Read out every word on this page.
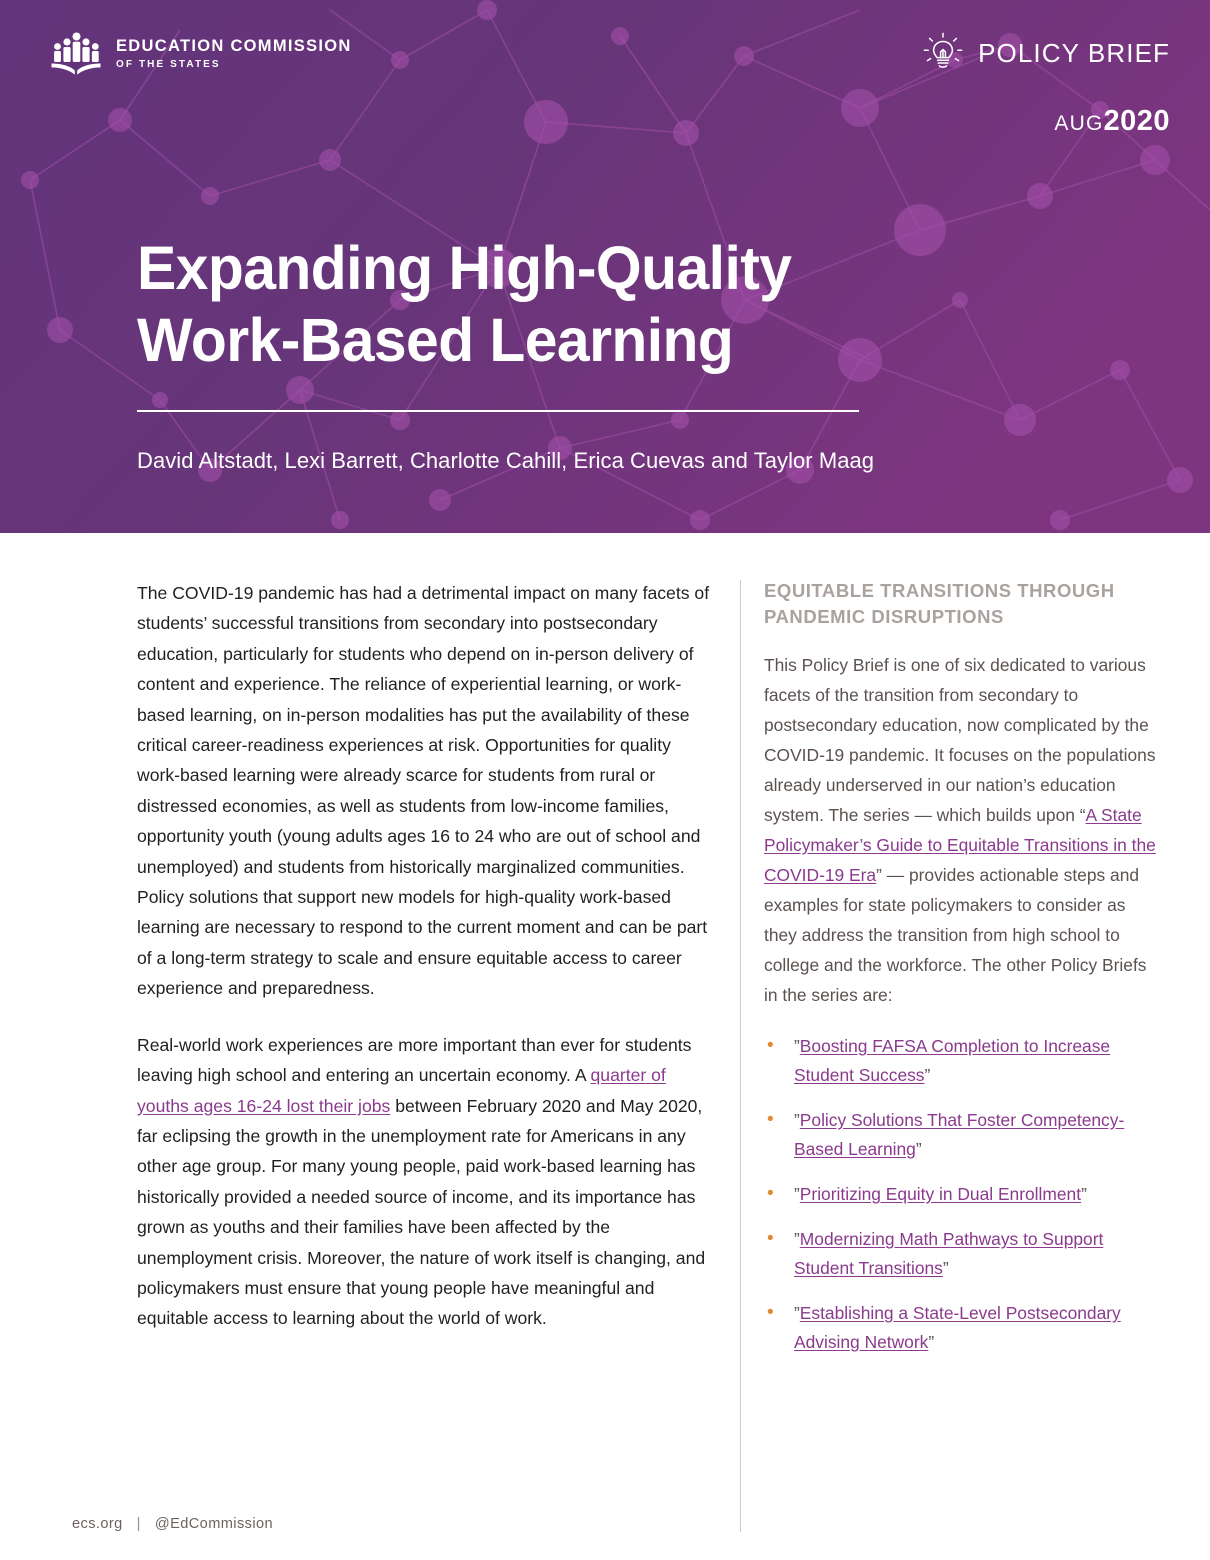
EDUCATION COMMISSION
OF THE STATES	POLICY BRIEF
AUG2020
Expanding High-Quality
Work-Based Learning
David Altstadt, Lexi Barrett, Charlotte Cahill, Erica Cuevas and Taylor Maag

The COVID-19 pandemic has had a detrimental impact on many facets of students’ successful transitions from secondary into postsecondary education, particularly for students who depend on in-person delivery of content and experience. The reliance of experiential learning, or work-based learning, on in-person modalities has put the availability of these critical career-readiness experiences at risk. Opportunities for quality work-based learning were already scarce for students from rural or distressed economies, as well as students from low-income families, opportunity youth (young adults ages 16 to 24 who are out of school and unemployed) and students from historically marginalized communities. Policy solutions that support new models for high-quality work-based learning are necessary to respond to the current moment and can be part of a long-term strategy to scale and ensure equitable access to career experience and preparedness.

Real-world work experiences are more important than ever for students leaving high school and entering an uncertain economy. A quarter of youths ages 16-24 lost their jobs between February 2020 and May 2020, far eclipsing the growth in the unemployment rate for Americans in any other age group. For many young people, paid work-based learning has historically provided a needed source of income, and its importance has grown as youths and their families have been affected by the unemployment crisis. Moreover, the nature of work itself is changing, and policymakers must ensure that young people have meaningful and equitable access to learning about the world of work.

EQUITABLE TRANSITIONS THROUGH PANDEMIC DISRUPTIONS

This Policy Brief is one of six dedicated to various facets of the transition from secondary to postsecondary education, now complicated by the COVID-19 pandemic. It focuses on the populations already underserved in our nation’s education system. The series — which builds upon “A State Policymaker’s Guide to Equitable Transitions in the COVID-19 Era” — provides actionable steps and examples for state policymakers to consider as they address the transition from high school to college and the workforce. The other Policy Briefs in the series are:

• ”Boosting FAFSA Completion to Increase Student Success”
• ”Policy Solutions That Foster Competency-Based Learning”
• ”Prioritizing Equity in Dual Enrollment”
• ”Modernizing Math Pathways to Support Student Transitions”
• ”Establishing a State-Level Postsecondary Advising Network”
ecs.org | @EdCommission
